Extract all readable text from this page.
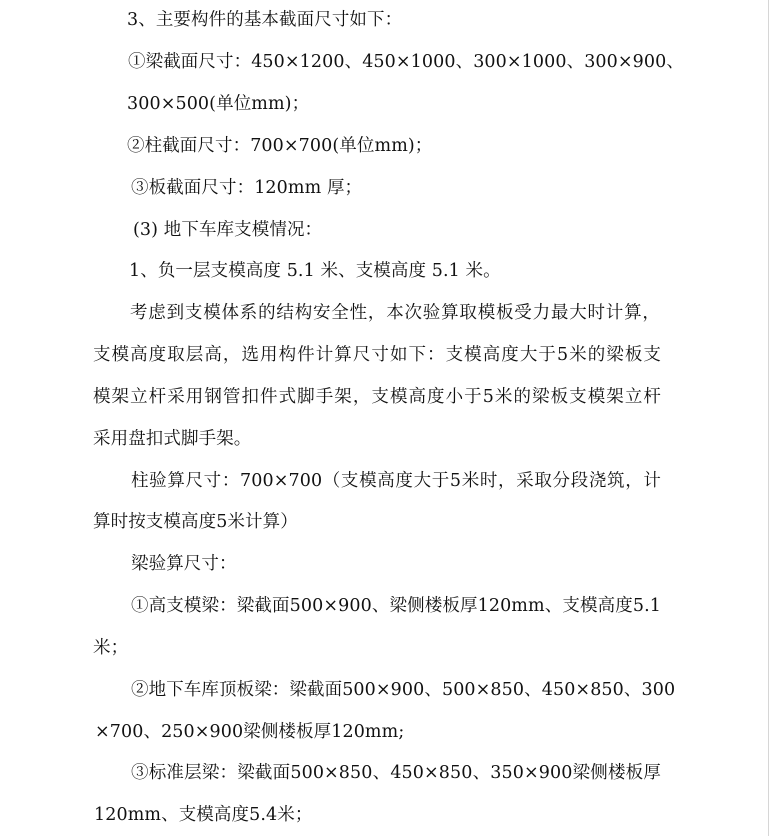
3、主要构件的基本截面尺寸如下：
①梁截面尺寸：450×1200、450×1000、300×1000、300×900、
300×500(单位mm)；
②柱截面尺寸：700×700(单位mm)；
③板截面尺寸：120mm 厚；
(3) 地下车库支模情况：
1、负一层支模高度 5.1 米、支模高度 5.1 米。
考虑到支模体系的结构安全性，本次验算取模板受力最大时计算，
支模高度取层高，选用构件计算尺寸如下：支模高度大于5米的梁板支
模架立杆采用钢管扣件式脚手架，支模高度小于5米的梁板支模架立杆
采用盘扣式脚手架。
柱验算尺寸：700×700（支模高度大于5米时，采取分段浇筑，计
算时按支模高度5米计算）
梁验算尺寸：
①高支模梁：梁截面500×900、梁侧楼板厚120mm、支模高度5.1
米；
②地下车库顶板梁：梁截面500×900、500×850、450×850、300
×700、250×900梁侧楼板厚120mm;
③标准层梁：梁截面500×850、450×850、350×900梁侧楼板厚
120mm、支模高度5.4米；
